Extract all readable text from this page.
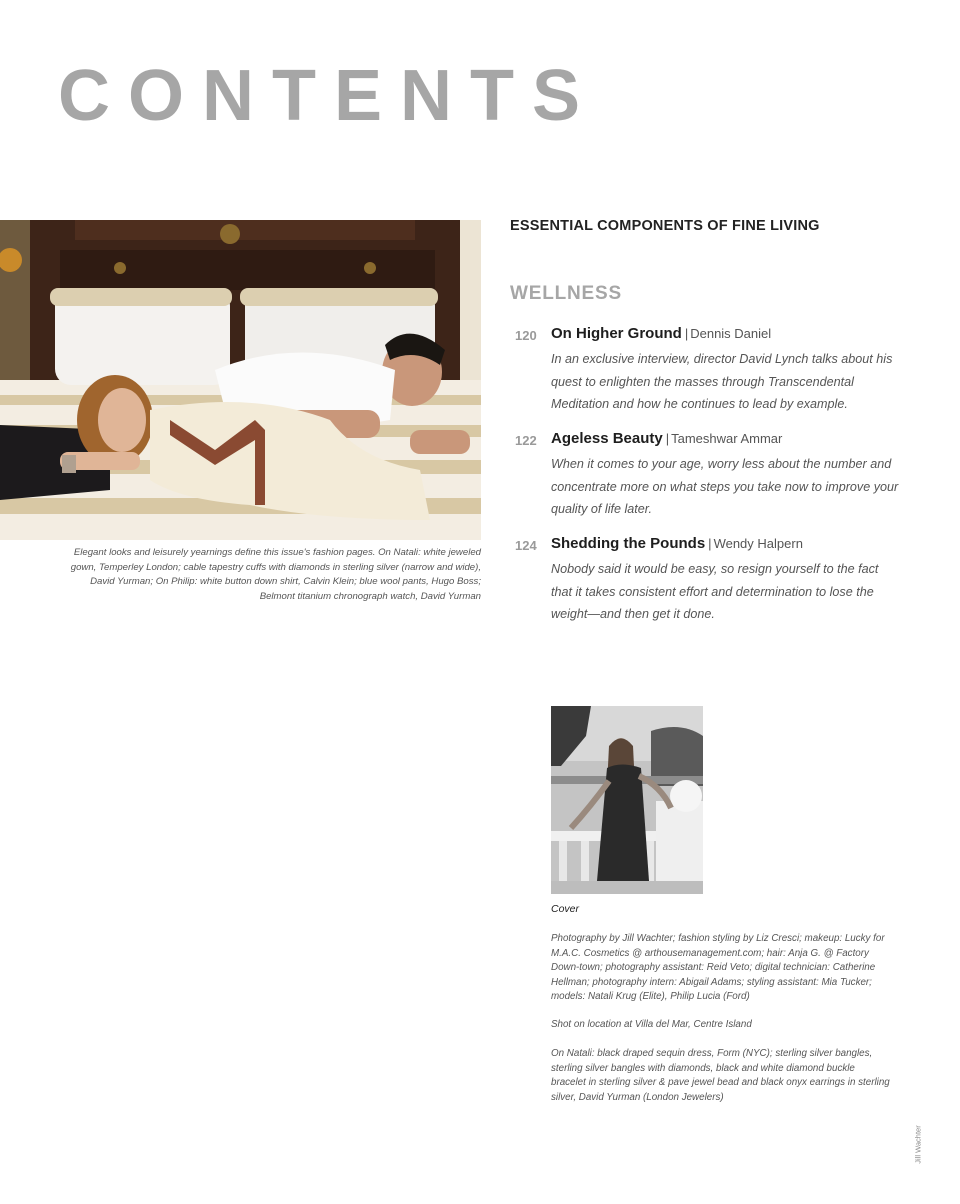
CONTENTS
Elegant looks and leisurely yearnings define this issue's fashion pages. On Natali: white jeweled gown, Temperley London; cable tapestry cuffs with diamonds in sterling silver (narrow and wide), David Yurman; On Philip: white button down shirt, Calvin Klein; blue wool pants, Hugo Boss; Belmont titanium chronograph watch, David Yurman
ESSENTIAL COMPONENTS OF FINE LIVING
WELLNESS
120 On Higher Ground | Dennis Daniel
In an exclusive interview, director David Lynch talks about his quest to enlighten the masses through Transcendental Meditation and how he continues to lead by example.
122 Ageless Beauty | Tameshwar Ammar
When it comes to your age, worry less about the number and concentrate more on what steps you take now to improve your quality of life later.
124 Shedding the Pounds | Wendy Halpern
Nobody said it would be easy, so resign yourself to the fact that it takes consistent effort and determination to lose the weight—and then get it done.
Cover
Photography by Jill Wachter; fashion styling by Liz Cresci; makeup: Lucky for M.A.C. Cosmetics @ arthousemanagement.com; hair: Anja G. @ Factory Down-town; photography assistant: Reid Veto; digital technician: Catherine Hellman; photography intern: Abigail Adams; styling assistant: Mia Tucker; models: Natali Krug (Elite), Philip Lucia (Ford)
Shot on location at Villa del Mar, Centre Island
On Natali: black draped sequin dress, Form (NYC); sterling silver bangles, sterling silver bangles with diamonds, black and white diamond buckle bracelet in sterling silver & pave jewel bead and black onyx earrings in sterling silver, David Yurman (London Jewelers)
Jill Wachter
